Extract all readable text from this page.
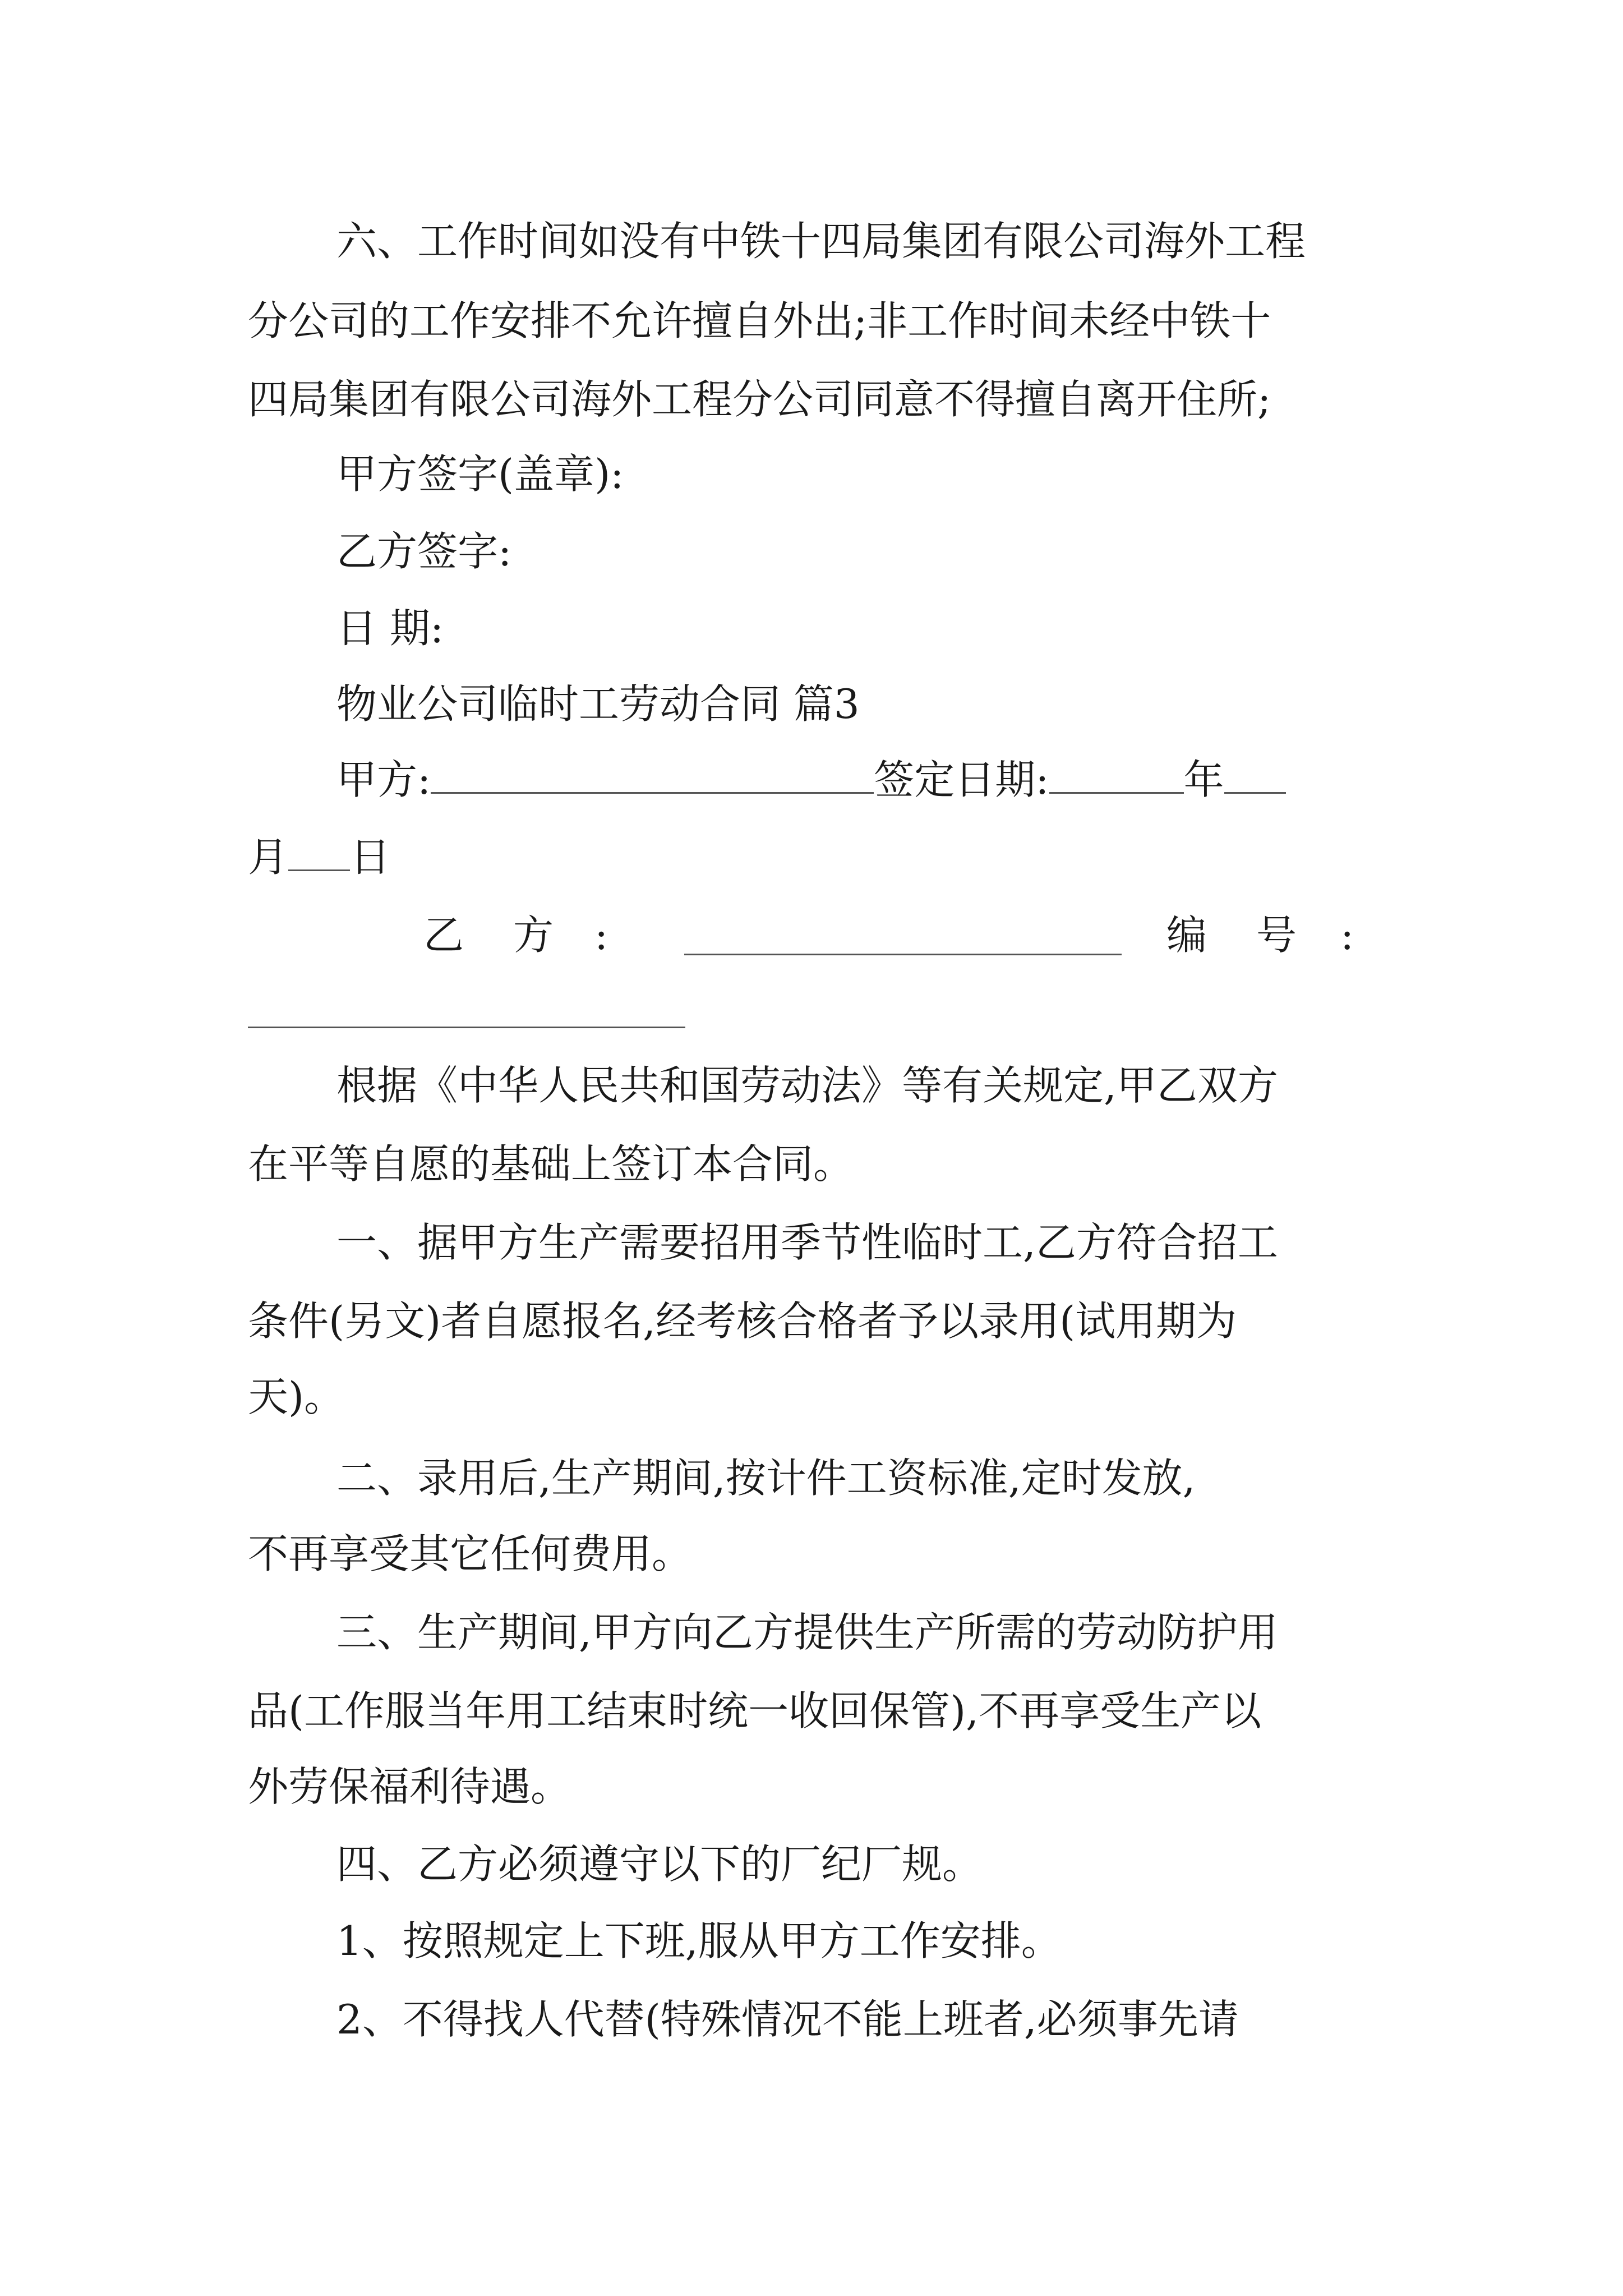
六、工作时间如没有中铁十四局集团有限公司海外工程
分公司的工作安排不允许擅自外出;非工作时间未经中铁十
四局集团有限公司海外工程分公司同意不得擅自离开住所;
甲方签字(盖章):
乙方签字:
日 期:
物业公司临时工劳动合同 篇3
甲方:	签定日期:	年
月 日
乙 方 :	编 号 :
根据《中华人民共和国劳动法》等有关规定,甲乙双方
在平等自愿的基础上签订本合同。
一、据甲方生产需要招用季节性临时工,乙方符合招工
条件(另文)者自愿报名,经考核合格者予以录用(试用期为
天)。
二、录用后,生产期间,按计件工资标准,定时发放,
不再享受其它任何费用。
三、生产期间,甲方向乙方提供生产所需的劳动防护用
品(工作服当年用工结束时统一收回保管),不再享受生产以
外劳保福利待遇。
四、乙方必须遵守以下的厂纪厂规。
1、按照规定上下班,服从甲方工作安排。
2、不得找人代替(特殊情况不能上班者,必须事先请
